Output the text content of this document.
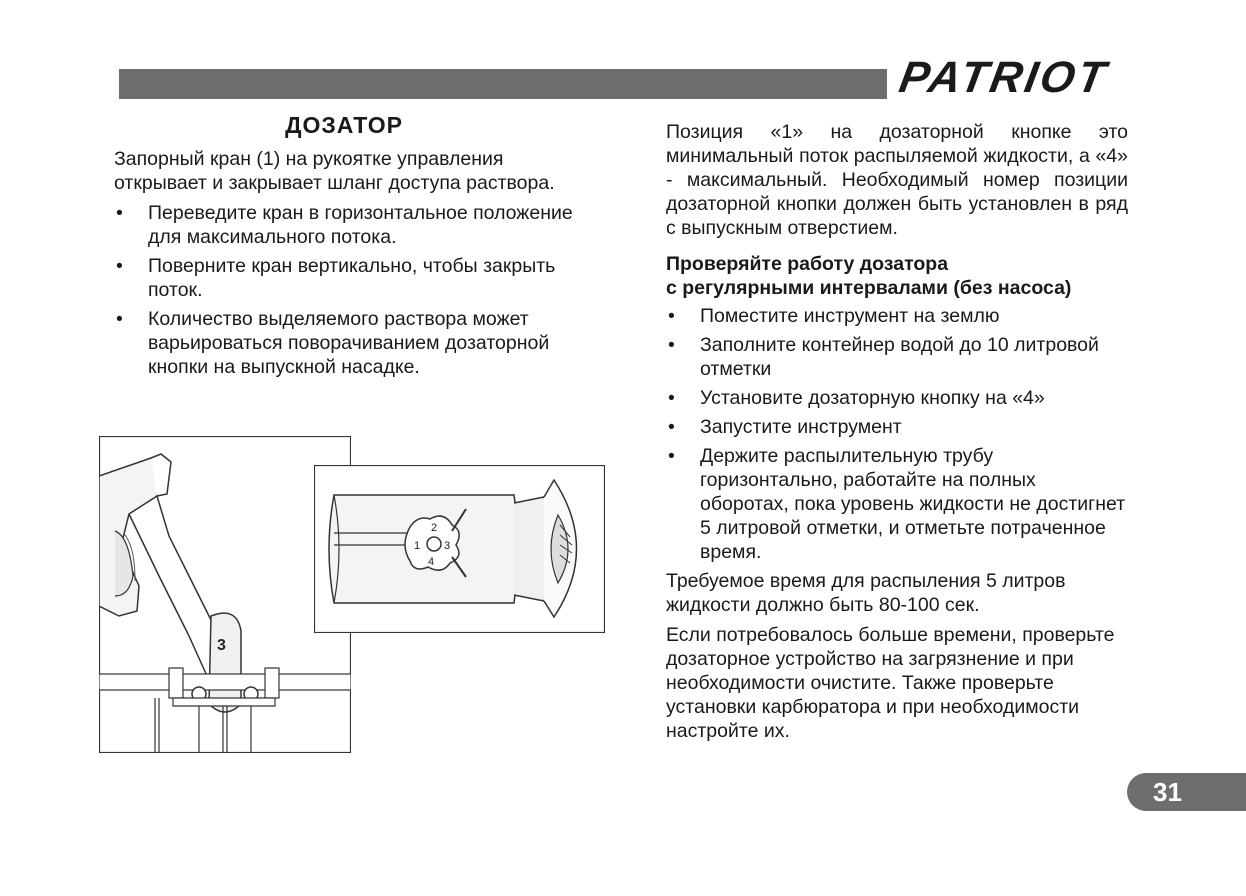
PATRIOT
ДОЗАТОР

Запорный кран (1) на рукоятке управления открывает и закрывает шланг доступа раствора.

• Переведите кран в горизонтальное положение для максимального потока.
• Поверните кран вертикально, чтобы закрыть поток.
• Количество выделяемого раствора может варьироваться поворачиванием дозаторной кнопки на выпускной насадке.
3
1
2
3
4

Позиция «1» на дозаторной кнопке это минимальный поток распыляемой жидкости, а «4» - максимальный. Необходимый номер позиции дозаторной кнопки должен быть установлен в ряд с выпускным отверстием.

Проверяйте работу дозатора
с регулярными интервалами (без насоса)
• Поместите инструмент на землю
• Заполните контейнер водой до 10 литровой отметки
• Установите дозаторную кнопку на «4»
• Запустите инструмент
• Держите распылительную трубу горизонтально, работайте на полных оборотах, пока уровень жидкости не достигнет 5 литровой отметки, и отметьте потраченное время.

Требуемое время для распыления 5 литров жидкости должно быть 80-100 сек.

Если потребовалось больше времени, проверьте дозаторное устройство на загрязнение и при необходимости очистите. Также проверьте установки карбюратора и при необходимости настройте их.

31
